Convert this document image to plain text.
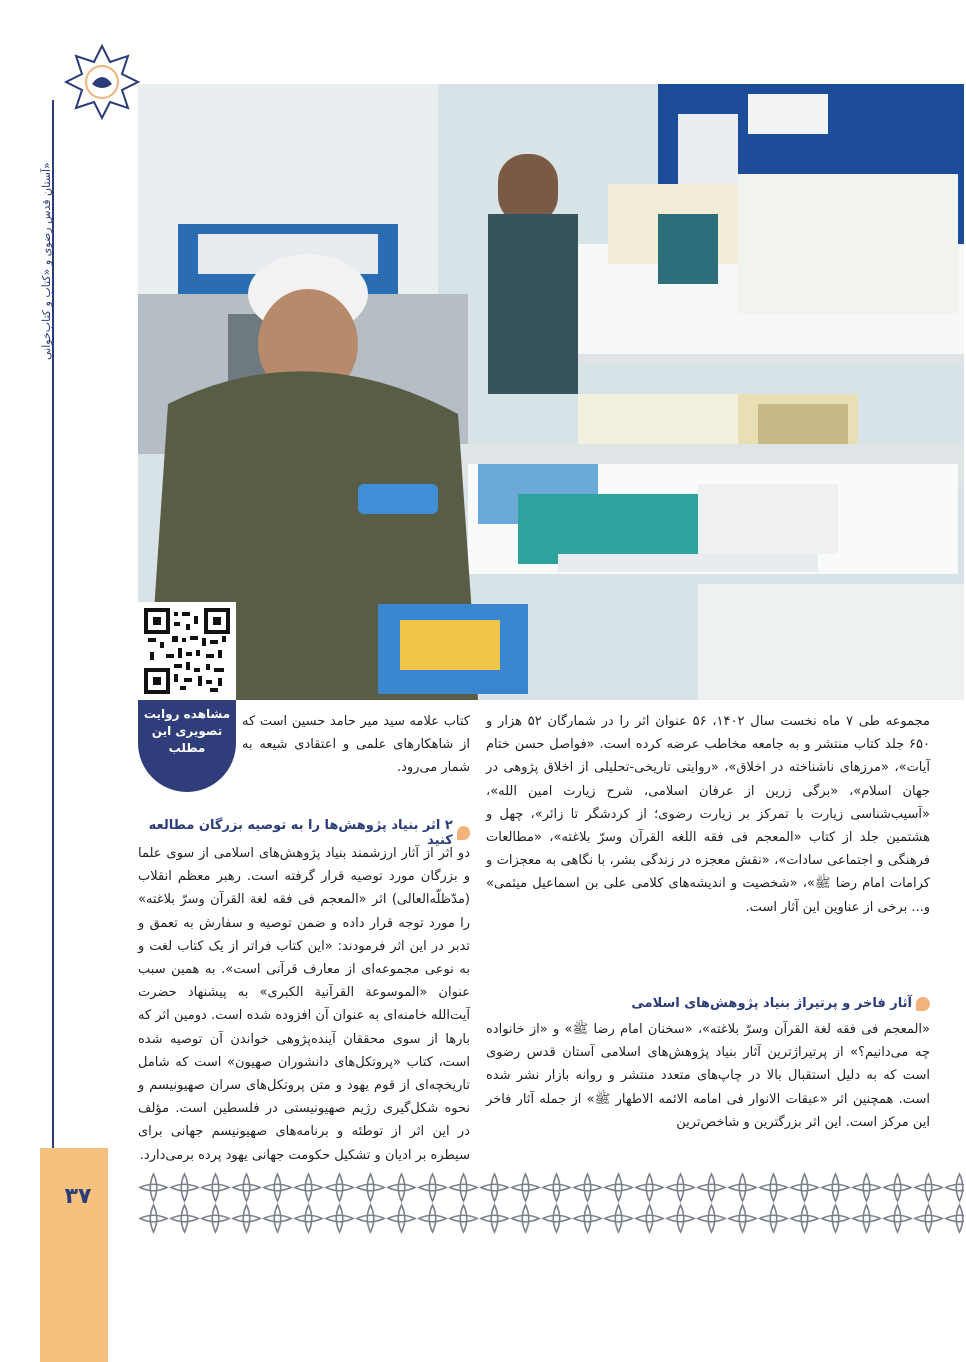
آستان قدس رضوی و «کتاب و کتاب‌خوانی»
مشاهده روایت تصویری این مطلب
مجموعه طی ۷ ماه نخست سال ۱۴۰۲، ۵۶ عنوان اثر را در شمارگان ۵۲ هزار و ۶۵۰ جلد کتاب منتشر و به جامعه مخاطب عرضه کرده است. «فواصل حسن ختام آیات»، «مرزهای ناشناخته در اخلاق»، «روایتی تاریخی-تحلیلی از اخلاق پژوهی در جهان اسلام»، «برگی زرین از عرفان اسلامی، شرح زیارت امین الله»، «آسیب‌شناسی زیارت با تمرکز بر زیارت رضوی؛ از کردشگر تا زائر»، چهل و هشتمین جلد از کتاب «المعجم فی فقه اللغه القرآن وسرّ بلاغته»، «مطالعات فرهنگی و اجتماعی سادات»، «نقش معجزه در زندگی بشر، با نگاهی به معجزات و کرامات امام رضا ﷺ»، «شخصیت و اندیشه‌های کلامی علی بن اسماعیل میثمی» و... برخی از عناوین این آثار است.
آثار فاخر و پرتیراژ بنیاد پژوهش‌های اسلامی
«المعجم فی فقه لغة القرآن وسرّ بلاغته»، «سخنان امام رضا ﷺ» و «از خانواده چه می‌دانیم؟» از پرتیراژترین آثار بنیاد پژوهش‌های اسلامی آستان قدس رضوی است که به دلیل استقبال بالا در چاپ‌های متعدد منتشر و روانه بازار نشر شده است. همچنین اثر «عبقات الانوار فی امامه الائمه الاطهار ﷺ» از جمله آثار فاخر این مرکز است. این اثر بزرگترین و شاخص‌ترین
کتاب علامه سید میر حامد حسین است که از شاهکارهای علمی و اعتقادی شیعه به شمار می‌رود.
۲ اثر بنیاد پژوهش‌ها را به توصیه بزرگان مطالعه کنید
دو اثر از آثار ارزشمند بنیاد پژوهش‌های اسلامی از سوی علما و بزرگان مورد توصیه قرار گرفته است. رهبر معظم انقلاب (مدّظلّه‌العالی) اثر «المعجم فی فقه لغة القرآن وسرّ بلاغته» را مورد توجه قرار داده و ضمن توصیه و سفارش به تعمق و تدبر در این اثر فرمودند: «این کتاب فراتر از یک کتاب لغت و به نوعی مجموعه‌ای از معارف قرآنی است». به همین سبب عنوان «الموسوعة القرآنیة الکبری» به پیشنهاد حضرت آیت‌الله خامنه‌ای به عنوان آن افزوده شده است. دومین اثر که بارها از سوی محققان آینده‌پژوهی خواندن آن توصیه شده است، کتاب «پروتکل‌های دانشوران صهیون» است که شامل تاریخچه‌ای از قوم یهود و متن پروتکل‌های سران صهیونیسم و نحوه شکل‌گیری رژیم صهیونیستی در فلسطین است. مؤلف در این اثر از توطئه و برنامه‌های صهیونیسم جهانی برای سیطره بر ادیان و تشکیل حکومت جهانی یهود پرده برمی‌دارد.
۳۷
